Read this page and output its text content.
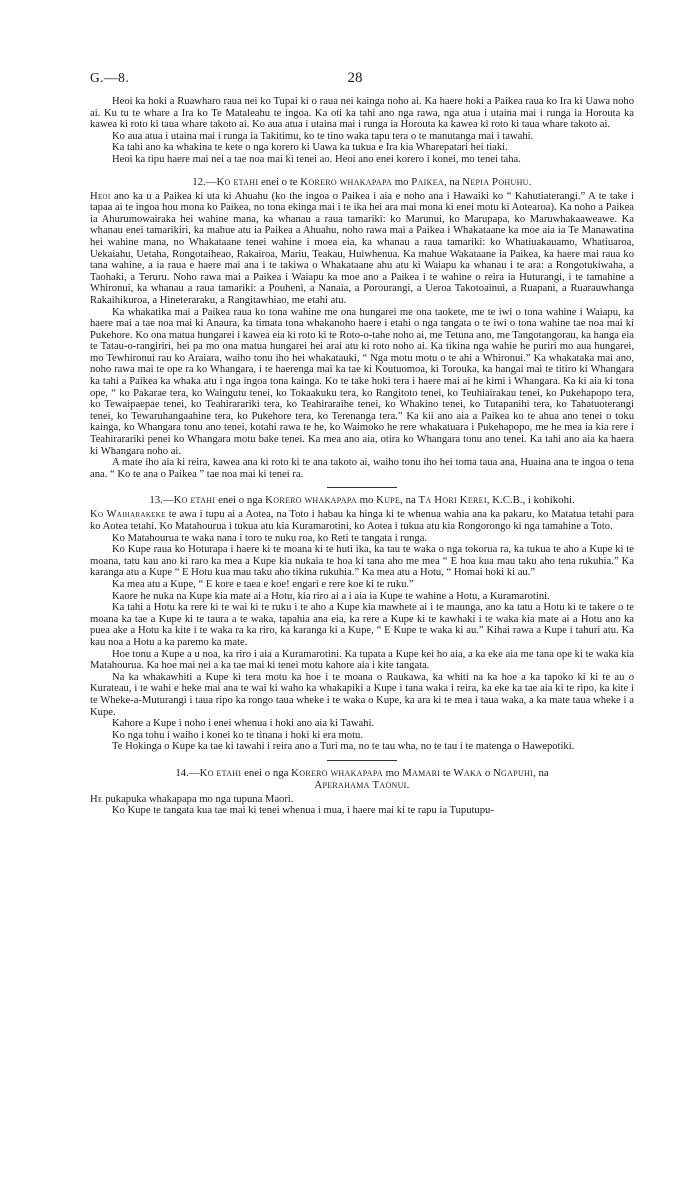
G.—8.	28

Heoi ka hoki a Ruawharo raua nei ko Tupai ki o raua nei kainga noho ai. Ka haere hoki a Paikea raua ko Ira ki Uawa noho ai. Ku tu te whare a Ira ko Te Mataleahu te ingoa. Ka oti ka tahi ano nga rawa, nga atua i utaina mai i runga ia Horouta ka kawea ki roto ki taua whare takoto ai. Ko aua atua i utaina mai i runga ia Horouta ka kawea ki roto ki taua whare takoto ai.

Ko aua atua i utaina mai i runga ia Takitimu, ko te tino waka tapu tera o te manutanga mai i tawahi.

Ka tahi ano ka whakina te kete o nga korero ki Uawa ka tukua e Ira kia Wharepatari hei tiaki.

Heoi ka tipu haere mai nei a tae noa mai ki tenei ao. Heoi ano enei korero i konei, mo tenei taha.

12.—Ko etahi enei o te Korero whakapapa mo Paikea, na Nepia Pohuhu.

Heoi ano ka u a Paikea ki uta ki Ahuahu (ko the ingoa o Paikea i aia e noho ana i Hawaiki ko “ Kahutiaterangi.” A te take i tapaa ai te ingoa hou mona ko Paikea, no tona ekinga mai i te ika hei ara mai mona ki enei motu ki Aotearoa). Ka noho a Paikea ia Ahurumowairaka hei wahine mana, ka whanau a raua tamariki: ko Marunui, ko Marupapa, ko Maruwhakaaweawe. Ka whanau enei tamarikiri, ka mahue atu ia Paikea a Ahuahu, noho rawa mai a Paikea i Whakataane ka moe aia ia Te Manawatina hei wahine mana, no Whakataane tenei wahine i moea eia, ka whanau a raua tamariki: ko Whatiuakauamo, Whatiuaroa, Uekaiahu, Uetaha, Rongotaiheao, Rakairoa, Mariu, Teakau, Huiwhenua. Ka mahue Wakataane ia Paikea, ka haere mai raua ko tana wahine, a ia raua e haere mai ana i te takiwa o Whakataane ahu atu ki Waiapu ka whanau i te ara: a Rongotukiwaha, a Taohaki, a Teruru. Noho rawa mai a Paikea i Waiapu ka moe ano a Paikea i te wahine o reira ia Huturangi, i te tamahine a Whironui, ka whanau a raua tamariki: a Pouheni, a Nanaia, a Porourangi, a Ueroa Takotoainui, a Ruapani, a Ruarauwhanga Rakaihikuroa, a Hineteraraku, a Rangitawhiao, me etahi atu.

Ka whakatika mai a Paikea raua ko tona wahine me ona hungarei me ona taokete, me te iwi o tona wahine i Waiapu, ka haere mai a tae noa mai ki Anaura, ka timata tona whakanoho haere i etahi o nga tangata o te iwi o tona wahine tae noa mai ki Pukehore. Ko ona matua hungarei i kawea eia ki roto ki te Roto-o-tahe noho ai, me Tetuna ano, me Tangotangorau, ka hanga eia te Tatau-o-rangiriri, hei pa mo ona matua hungarei hei arai atu ki roto noho ai. Ka tikina nga wahie he puriri mo aua hungarei, mo Tewhironui rau ko Araiara, waiho tonu iho hei whakatauki, “ Nga motu motu o te ahi a Whironui.” Ka whakataka mai ano, noho rawa mai te ope ra ko Whangara, i te haerenga mai ka tae ki Koutuomoa, ki Torouka, ka hangai mai te titiro ki Whangara ka tahi a Paikea ka whaka atu i nga ingoa tona kainga. Ko te take hoki tera i haere mai ai he kimi i Whangara. Ka ki aia ki tona ope, “ ko Pakarae tera, ko Waingutu tenei, ko Tokaakuku tera, ko Rangitoto tenei, ko Teuhiairakau tenei, ko Pukehapopo tera, ko Tewaipaepae tenei, ko Teahirarariki tera, ko Teahiraraihe tenei, ko Whakino tenei, ko Tutapanihi tera, ko Tahatuoterangi tenei, ko Tewaruhangaahine tera, ko Pukehore tera, ko Terenanga tera.” Ka kii ano aia a Paikea ko te ahua ano tenei o toku kainga, ko Whangara tonu ano tenei, kotahi rawa te he, ko Waimoko he rere whakatuara i Pukehapopo, me he mea ia kia rere i Teahirarariki penei ko Whangara motu bake tenei. Ka mea ano aia, otira ko Whangara tonu ano tenei. Ka tahi ano aia ka haera ki Whangara noho ai.

A mate iho aia ki reira, kawea ana ki roto ki te ana takoto ai, waiho tonu iho hei toma taua ana, Huaina ana te ingoa o tena ana. “ Ko te ana o Paikea ” tae noa mai ki tenei ra.

13.—Ko etahi enei o nga Korero whakapapa mo Kupe, na Ta Hori Kerei, K.C.B., i kohikohi.

Ko Waiharakeke te awa i tupu ai a Aotea, na Toto i habau ka hinga ki te whenua wahia ana ka pakaru, ko Matatua tetahi para ko Aotea tetahi. Ko Matahourua i tukua atu kia Kuramarotini, ko Aotea i tukua atu kia Rongorongo ki nga tamahine a Toto.

Ko Matahourua te waka nana i toro te nuku roa, ko Reti te tangata i runga.

Ko Kupe raua ko Hoturapa i haere ki te moana ki te huti ika, ka tau te waka o nga tokorua ra, ka tukua te aho a Kupe ki te moana, tatu kau ano ki raro ka mea a Kupe kia nukaia te hoa ki tana aho me mea “ E hoa kua mau taku aho tena rukuhia.” Ka karanga atu a Kupe “ E Hotu kua mau taku aho tikina rukuhia.” Ka mea atu a Hotu, “ Homai hoki ki au.”

Ka mea atu a Kupe, “ E kore e taea e koe! engari e rere koe ki te ruku.”

Kaore he nuka na Kupe kia mate ai a Hotu, kia riro ai a i aia ia Kupe te wahine a Hotu, a Kuramarotini.

Ka tahi a Hotu ka rere ki te wai ki te ruku i te aho a Kupe kia mawhete ai i te maunga, ano ka tatu a Hotu ki te takere o te moana ka tae a Kupe ki te taura a te waka, tapahia ana eia, ka rere a Kupe ki te kawhaki i te waka kia mate ai a Hotu ano ka puea ake a Hotu ka kite i te waka ra ka riro, ka karanga ki a Kupe, “ E Kupe te waka ki au.” Kihai rawa a Kupe i tahuri atu. Ka kau noa a Hotu a ka paremo ka mate.

Hoe tonu a Kupe a u noa, ka riro i aia a Kuramarotini. Ka tupata a Kupe kei ho aia, a ka eke aia me tana ope ki te waka kia Matahourua. Ka hoe mai nei a ka tae mai ki tenei motu kahore aia i kite tangata.

Na ka whakawhiti a Kupe ki tera motu ka hoe i te moana o Raukawa, ka whiti na ka hoe a ka tapoko ki ki te au o Kurateau, i te wahi e heke mai ana te wai ki waho ka whakapiki a Kupe i tana waka i reira, ka eke ka tae aia ki te ripo, ka kite i te Wheke-a-Muturangi i taua ripo ka rongo taua wheke i te waka o Kupe, ka ara ki te mea i taua waka, a ka mate taua wheke i a Kupe.

Kahore a Kupe i noho i enei whenua i hoki ano aia ki Tawahi.

Ko nga tohu i waiho i konei ko te tinana i hoki ki era motu.

Te Hokinga o Kupe ka tae ki tawahi i reira ano a Turi ma, no te tau wha, no te tau i te matenga o Hawepotiki.

14.—Ko etahi enei o nga Korero whakapapa mo Mamari te Waka o Ngapuhi, na
Aperahama Taonui.

He pukapuka whakapapa mo nga tupuna Maori.

Ko Kupe te tangata kua tae mai ki tenei whenua i mua, i haere mai ki te rapu ia Tuputupu-
